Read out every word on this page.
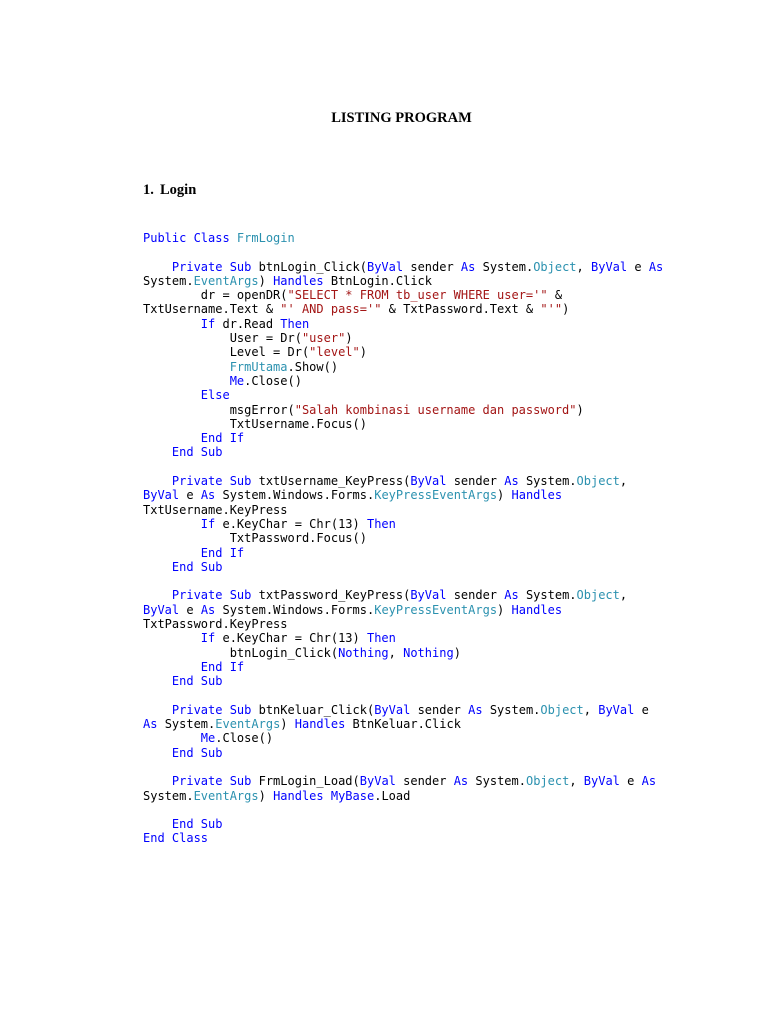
LISTING PROGRAM
1. Login
Public Class FrmLogin
Private Sub btnLogin_Click(ByVal sender As System.Object, ByVal e As
System.EventArgs) Handles BtnLogin.Click
dr = openDR("SELECT * FROM tb_user WHERE user='" &
TxtUsername.Text & "' AND pass='" & TxtPassword.Text & "'")
If dr.Read Then
User = Dr("user")
Level = Dr("level")
FrmUtama.Show()
Me.Close()
Else
msgError("Salah kombinasi username dan password")
TxtUsername.Focus()
End If
End Sub
Private Sub txtUsername_KeyPress(ByVal sender As System.Object,
ByVal e As System.Windows.Forms.KeyPressEventArgs) Handles
TxtUsername.KeyPress
If e.KeyChar = Chr(13) Then
TxtPassword.Focus()
End If
End Sub
Private Sub txtPassword_KeyPress(ByVal sender As System.Object,
ByVal e As System.Windows.Forms.KeyPressEventArgs) Handles
TxtPassword.KeyPress
If e.KeyChar = Chr(13) Then
btnLogin_Click(Nothing, Nothing)
End If
End Sub
Private Sub btnKeluar_Click(ByVal sender As System.Object, ByVal e
As System.EventArgs) Handles BtnKeluar.Click
Me.Close()
End Sub
Private Sub FrmLogin_Load(ByVal sender As System.Object, ByVal e As
System.EventArgs) Handles MyBase.Load
End Sub
End Class
